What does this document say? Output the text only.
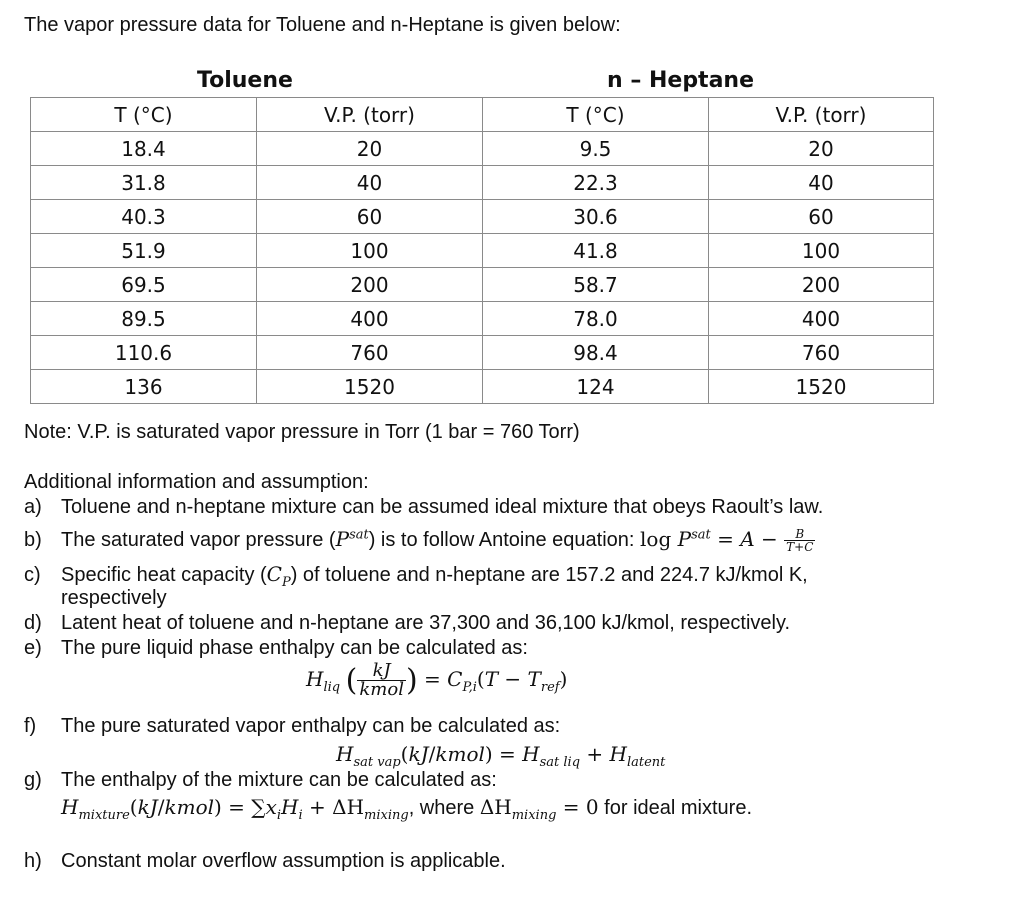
The vapor pressure data for Toluene and n-Heptane is given below:
Toluene	n – Heptane
T (°C)	V.P. (torr)	T (°C)	V.P. (torr)
18.4	20	9.5	20
31.8	40	22.3	40
40.3	60	30.6	60
51.9	100	41.8	100
69.5	200	58.7	200
89.5	400	78.0	400
110.6	760	98.4	760
136	1520	124	1520
Note: V.P. is saturated vapor pressure in Torr (1 bar = 760 Torr)
Additional information and assumption:
a) Toluene and n-heptane mixture can be assumed ideal mixture that obeys Raoult’s law.
b) The saturated vapor pressure $(P^{sat})$ is to follow Antoine equation: $\log P^{sat} = A - \frac{B}{T+C}$
c) Specific heat capacity $(C_P)$ of toluene and n-heptane are 157.2 and 224.7 kJ/kmol K,
respectively
d) Latent heat of toluene and n-heptane are 37,300 and 36,100 kJ/kmol, respectively.
e) The pure liquid phase enthalpy can be calculated as:
$H_{liq}$ ( $\frac{kJ}{\text{kmol}}$ ) = $C_{P,i}(T - T_{ref})$
f) The pure saturated vapor enthalpy can be calculated as:
$H_{sat vap}(kJ/kmol) = H_{sat liq} + H_{latent}$
g) The enthalpy of the mixture can be calculated as:
$H_{mixture}(kJ/kmol) = \sum x_iH_i + \Delta H_{mixing}$, where $\Delta H_{mixing} = 0$ for ideal mixture.
h) Constant molar overflow assumption is applicable.
